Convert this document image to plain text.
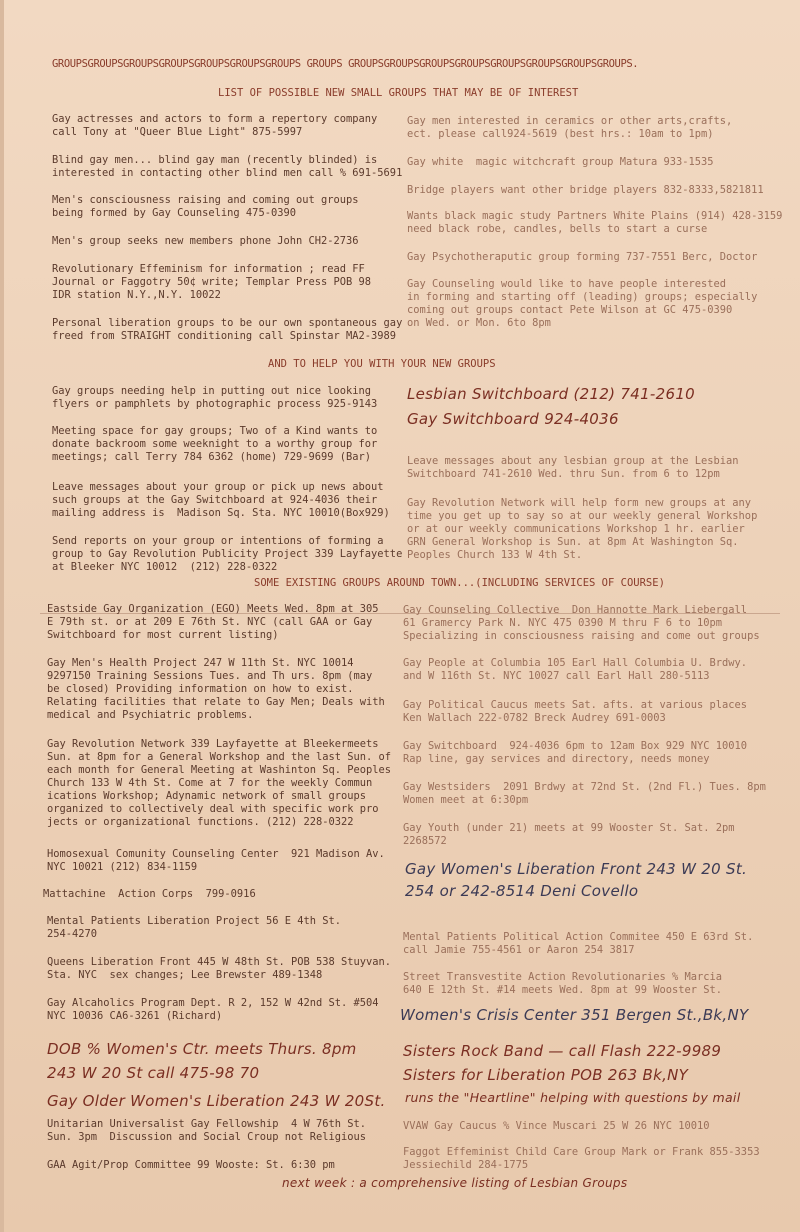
GROUPSGROUPSGROUPSGROUPSGROUPSGROUPSGROUPS GROUPS GROUPSGROUPSGROUPSGROUPSGROUPSGROUPSGROUPSGROUPS.
LIST OF POSSIBLE NEW SMALL GROUPS THAT MAY BE OF INTEREST
Gay actresses and actors to form a repertory company
call Tony at "Queer Blue Light" 875-5997
Blind gay men... blind gay man (recently blinded) is
interested in contacting other blind men call % 691-5691
Men's consciousness raising and coming out groups
being formed by Gay Counseling 475-0390
Men's group seeks new members phone John CH2-2736
Revolutionary Effeminism for information ; read FF
Journal or Faggotry 50¢ write; Templar Press POB 98
IDR station N.Y.,N.Y. 10022
Personal liberation groups to be our own spontaneous gay
freed from STRAIGHT conditioning call Spinstar MA2-3989
Gay men interested in ceramics or other arts,crafts,
ect. please call924-5619 (best hrs.: 10am to 1pm)
Gay white  magic witchcraft group Matura 933-1535
Bridge players want other bridge players 832-8333,5821811
Wants black magic study Partners White Plains (914) 428-3159
need black robe, candles, bells to start a curse
Gay Psychotheraputic group forming 737-7551 Berc, Doctor
Gay Counseling would like to have people interested
in forming and starting off (leading) groups; especially
coming out groups contact Pete Wilson at GC 475-0390
on Wed. or Mon. 6to 8pm
AND TO HELP YOU WITH YOUR NEW GROUPS
Gay groups needing help in putting out nice looking
flyers or pamphlets by photographic process 925-9143
Meeting space for gay groups; Two of a Kind wants to
donate backroom some weeknight to a worthy group for
meetings; call Terry 784 6362 (home) 729-9699 (Bar)
Leave messages about your group or pick up news about
such groups at the Gay Switchboard at 924-4036 their
mailing address is  Madison Sq. Sta. NYC 10010(Box929)
Send reports on your group or intentions of forming a
group to Gay Revolution Publicity Project 339 Layfayette
at Bleeker NYC 10012  (212) 228-0322
Lesbian Switchboard (212) 741-2610
Gay Switchboard 924-4036
Leave messages about any lesbian group at the Lesbian
Switchboard 741-2610 Wed. thru Sun. from 6 to 12pm
Gay Revolution Network will help form new groups at any
time you get up to say so at our weekly general Workshop
or at our weekly communications Workshop 1 hr. earlier
GRN General Workshop is Sun. at 8pm At Washington Sq.
Peoples Church 133 W 4th St.
SOME EXISTING GROUPS AROUND TOWN...(INCLUDING SERVICES OF COURSE)
Eastside Gay Organization (EGO) Meets Wed. 8pm at 305
E 79th st. or at 209 E 76th St. NYC (call GAA or Gay
Switchboard for most current listing)
Gay Men's Health Project 247 W 11th St. NYC 10014
9297150 Training Sessions Tues. and Th urs. 8pm (may
be closed) Providing information on how to exist.
Relating facilities that relate to Gay Men; Deals with
medical and Psychiatric problems.
Gay Revolution Network 339 Layfayette at Bleekermeets
Sun. at 8pm for a General Workshop and the last Sun. of
each month for General Meeting at Washinton Sq. Peoples
Church 133 W 4th St. Come at 7 for the weekly Commun
ications Workshop; Adynamic network of small groups
organized to collectively deal with specific work pro
jects or organizational functions. (212) 228-0322
Homosexual Comunity Counseling Center  921 Madison Av.
NYC 10021 (212) 834-1159
Mattachine  Action Corps  799-0916
Mental Patients Liberation Project 56 E 4th St.
254-4270
Queens Liberation Front 445 W 48th St. POB 538 Stuyvan.
Sta. NYC  sex changes; Lee Brewster 489-1348
Gay Alcaholics Program Dept. R 2, 152 W 42nd St. #504
NYC 10036 CA6-3261 (Richard)
DOB % Women's Ctr. meets Thurs. 8pm
243 W 20 St call 475-98 70
Gay Older Women's Liberation 243 W 20St.
Unitarian Universalist Gay Fellowship  4 W 76th St.
Sun. 3pm  Discussion and Social Croup not Religious
GAA Agit/Prop Committee 99 Wooste: St. 6:30 pm
Gay Counseling Collective  Don Hannotte Mark Liebergall
61 Gramercy Park N. NYC 475 0390 M thru F 6 to 10pm
Specializing in consciousness raising and come out groups
Gay People at Columbia 105 Earl Hall Columbia U. Brdwy.
and W 116th St. NYC 10027 call Earl Hall 280-5113
Gay Political Caucus meets Sat. afts. at various places
Ken Wallach 222-0782 Breck Audrey 691-0003
Gay Switchboard  924-4036 6pm to 12am Box 929 NYC 10010
Rap line, gay services and directory, needs money
Gay Westsiders  2091 Brdwy at 72nd St. (2nd Fl.) Tues. 8pm
Women meet at 6:30pm
Gay Youth (under 21) meets at 99 Wooster St. Sat. 2pm
2268572
Gay Women's Liberation Front 243 W 20 St.
254 or 242-8514 Deni Covello
Mental Patients Political Action Commitee 450 E 63rd St.
call Jamie 755-4561 or Aaron 254 3817
Street Transvestite Action Revolutionaries % Marcia
640 E 12th St. #14 meets Wed. 8pm at 99 Wooster St.
Women's Crisis Center 351 Bergen St.,Bk,NY
Sisters Rock Band — call Flash 222-9989
Sisters for Liberation POB 263 Bk,NY
runs the "Heartline" helping with questions by mail
VVAW Gay Caucus % Vince Muscari 25 W 26 NYC 10010
Faggot Effeminist Child Care Group Mark or Frank 855-3353
Jessiechild 284-1775
next week : a comprehensive listing of Lesbian Groups
